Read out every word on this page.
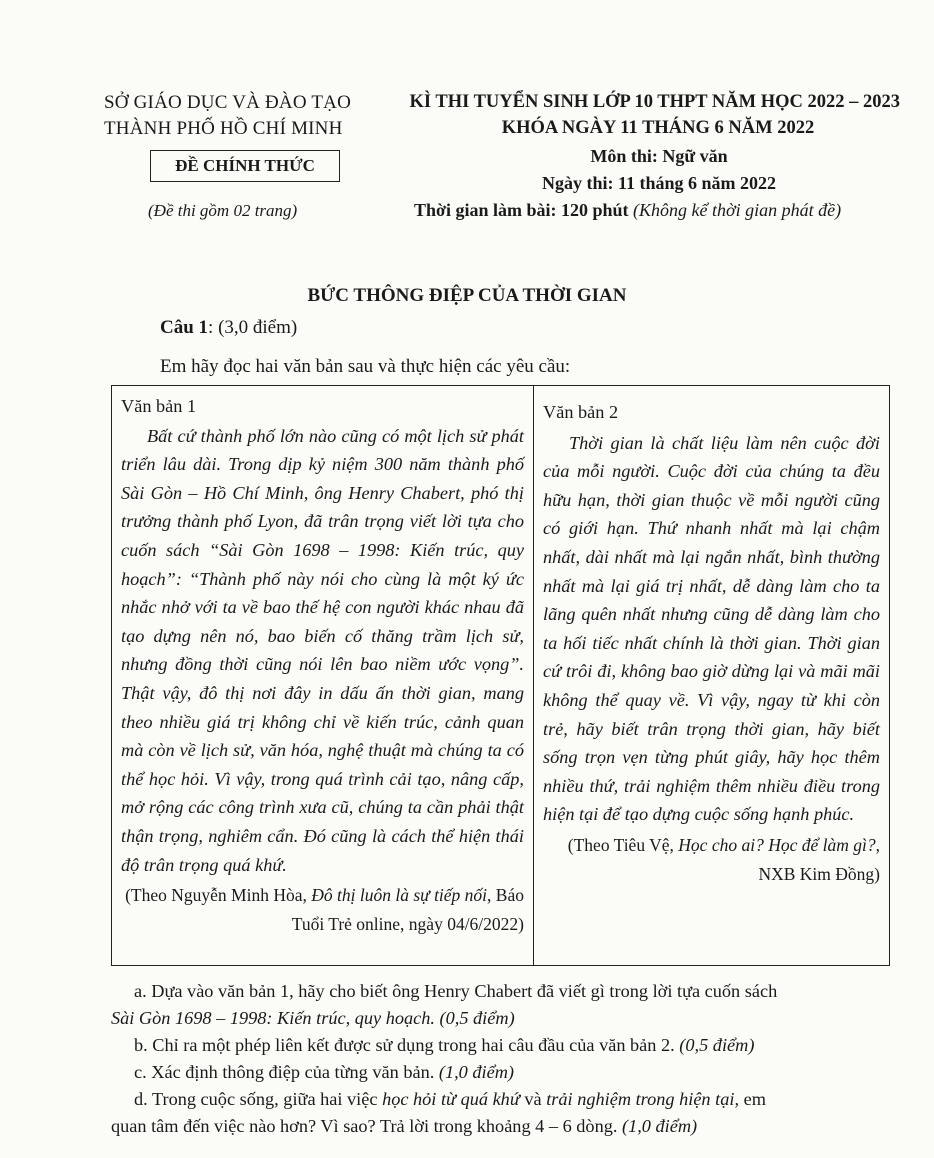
SỞ GIÁO DỤC VÀ ĐÀO TẠO
THÀNH PHỐ HỒ CHÍ MINH
ĐỀ CHÍNH THỨC
(Đề thi gồm 02 trang)
KÌ THI TUYỂN SINH LỚP 10 THPT NĂM HỌC 2022 – 2023
KHÓA NGÀY 11 THÁNG 6 NĂM 2022
Môn thi: Ngữ văn
Ngày thi: 11 tháng 6 năm 2022
Thời gian làm bài: 120 phút (Không kể thời gian phát đề)
BỨC THÔNG ĐIỆP CỦA THỜI GIAN
Câu 1: (3,0 điểm)
Em hãy đọc hai văn bản sau và thực hiện các yêu cầu:
Văn bản 1
Bất cứ thành phố lớn nào cũng có một lịch sử phát triển lâu dài. Trong dịp kỷ niệm 300 năm thành phố Sài Gòn – Hồ Chí Minh, ông Henry Chabert, phó thị trưởng thành phố Lyon, đã trân trọng viết lời tựa cho cuốn sách “Sài Gòn 1698 – 1998: Kiến trúc, quy hoạch”: “Thành phố này nói cho cùng là một ký ức nhắc nhở với ta về bao thế hệ con người khác nhau đã tạo dựng nên nó, bao biến cố thăng trầm lịch sử, nhưng đồng thời cũng nói lên bao niềm ước vọng”. Thật vậy, đô thị nơi đây in dấu ấn thời gian, mang theo nhiều giá trị không chỉ về kiến trúc, cảnh quan mà còn về lịch sử, văn hóa, nghệ thuật mà chúng ta có thể học hỏi. Vì vậy, trong quá trình cải tạo, nâng cấp, mở rộng các công trình xưa cũ, chúng ta cần phải thật thận trọng, nghiêm cẩn. Đó cũng là cách thể hiện thái độ trân trọng quá khứ.
(Theo Nguyễn Minh Hòa, Đô thị luôn là sự tiếp nối, Báo Tuổi Trẻ online, ngày 04/6/2022)

Văn bản 2
Thời gian là chất liệu làm nên cuộc đời của mỗi người. Cuộc đời của chúng ta đều hữu hạn, thời gian thuộc về mỗi người cũng có giới hạn. Thứ nhanh nhất mà lại chậm nhất, dài nhất mà lại ngắn nhất, bình thường nhất mà lại giá trị nhất, dễ dàng làm cho ta lãng quên nhất nhưng cũng dễ dàng làm cho ta hối tiếc nhất chính là thời gian. Thời gian cứ trôi đi, không bao giờ dừng lại và mãi mãi không thể quay về. Vì vậy, ngay từ khi còn trẻ, hãy biết trân trọng thời gian, hãy biết sống trọn vẹn từng phút giây, hãy học thêm nhiều thứ, trải nghiệm thêm nhiều điều trong hiện tại để tạo dựng cuộc sống hạnh phúc.
(Theo Tiêu Vệ, Học cho ai? Học để làm gì?, NXB Kim Đồng)
a. Dựa vào văn bản 1, hãy cho biết ông Henry Chabert đã viết gì trong lời tựa cuốn sách
Sài Gòn 1698 – 1998: Kiến trúc, quy hoạch. (0,5 điểm)
b. Chỉ ra một phép liên kết được sử dụng trong hai câu đầu của văn bản 2. (0,5 điểm)
c. Xác định thông điệp của từng văn bản. (1,0 điểm)
d. Trong cuộc sống, giữa hai việc học hỏi từ quá khứ và trải nghiệm trong hiện tại, em
quan tâm đến việc nào hơn? Vì sao? Trả lời trong khoảng 4 – 6 dòng. (1,0 điểm)
